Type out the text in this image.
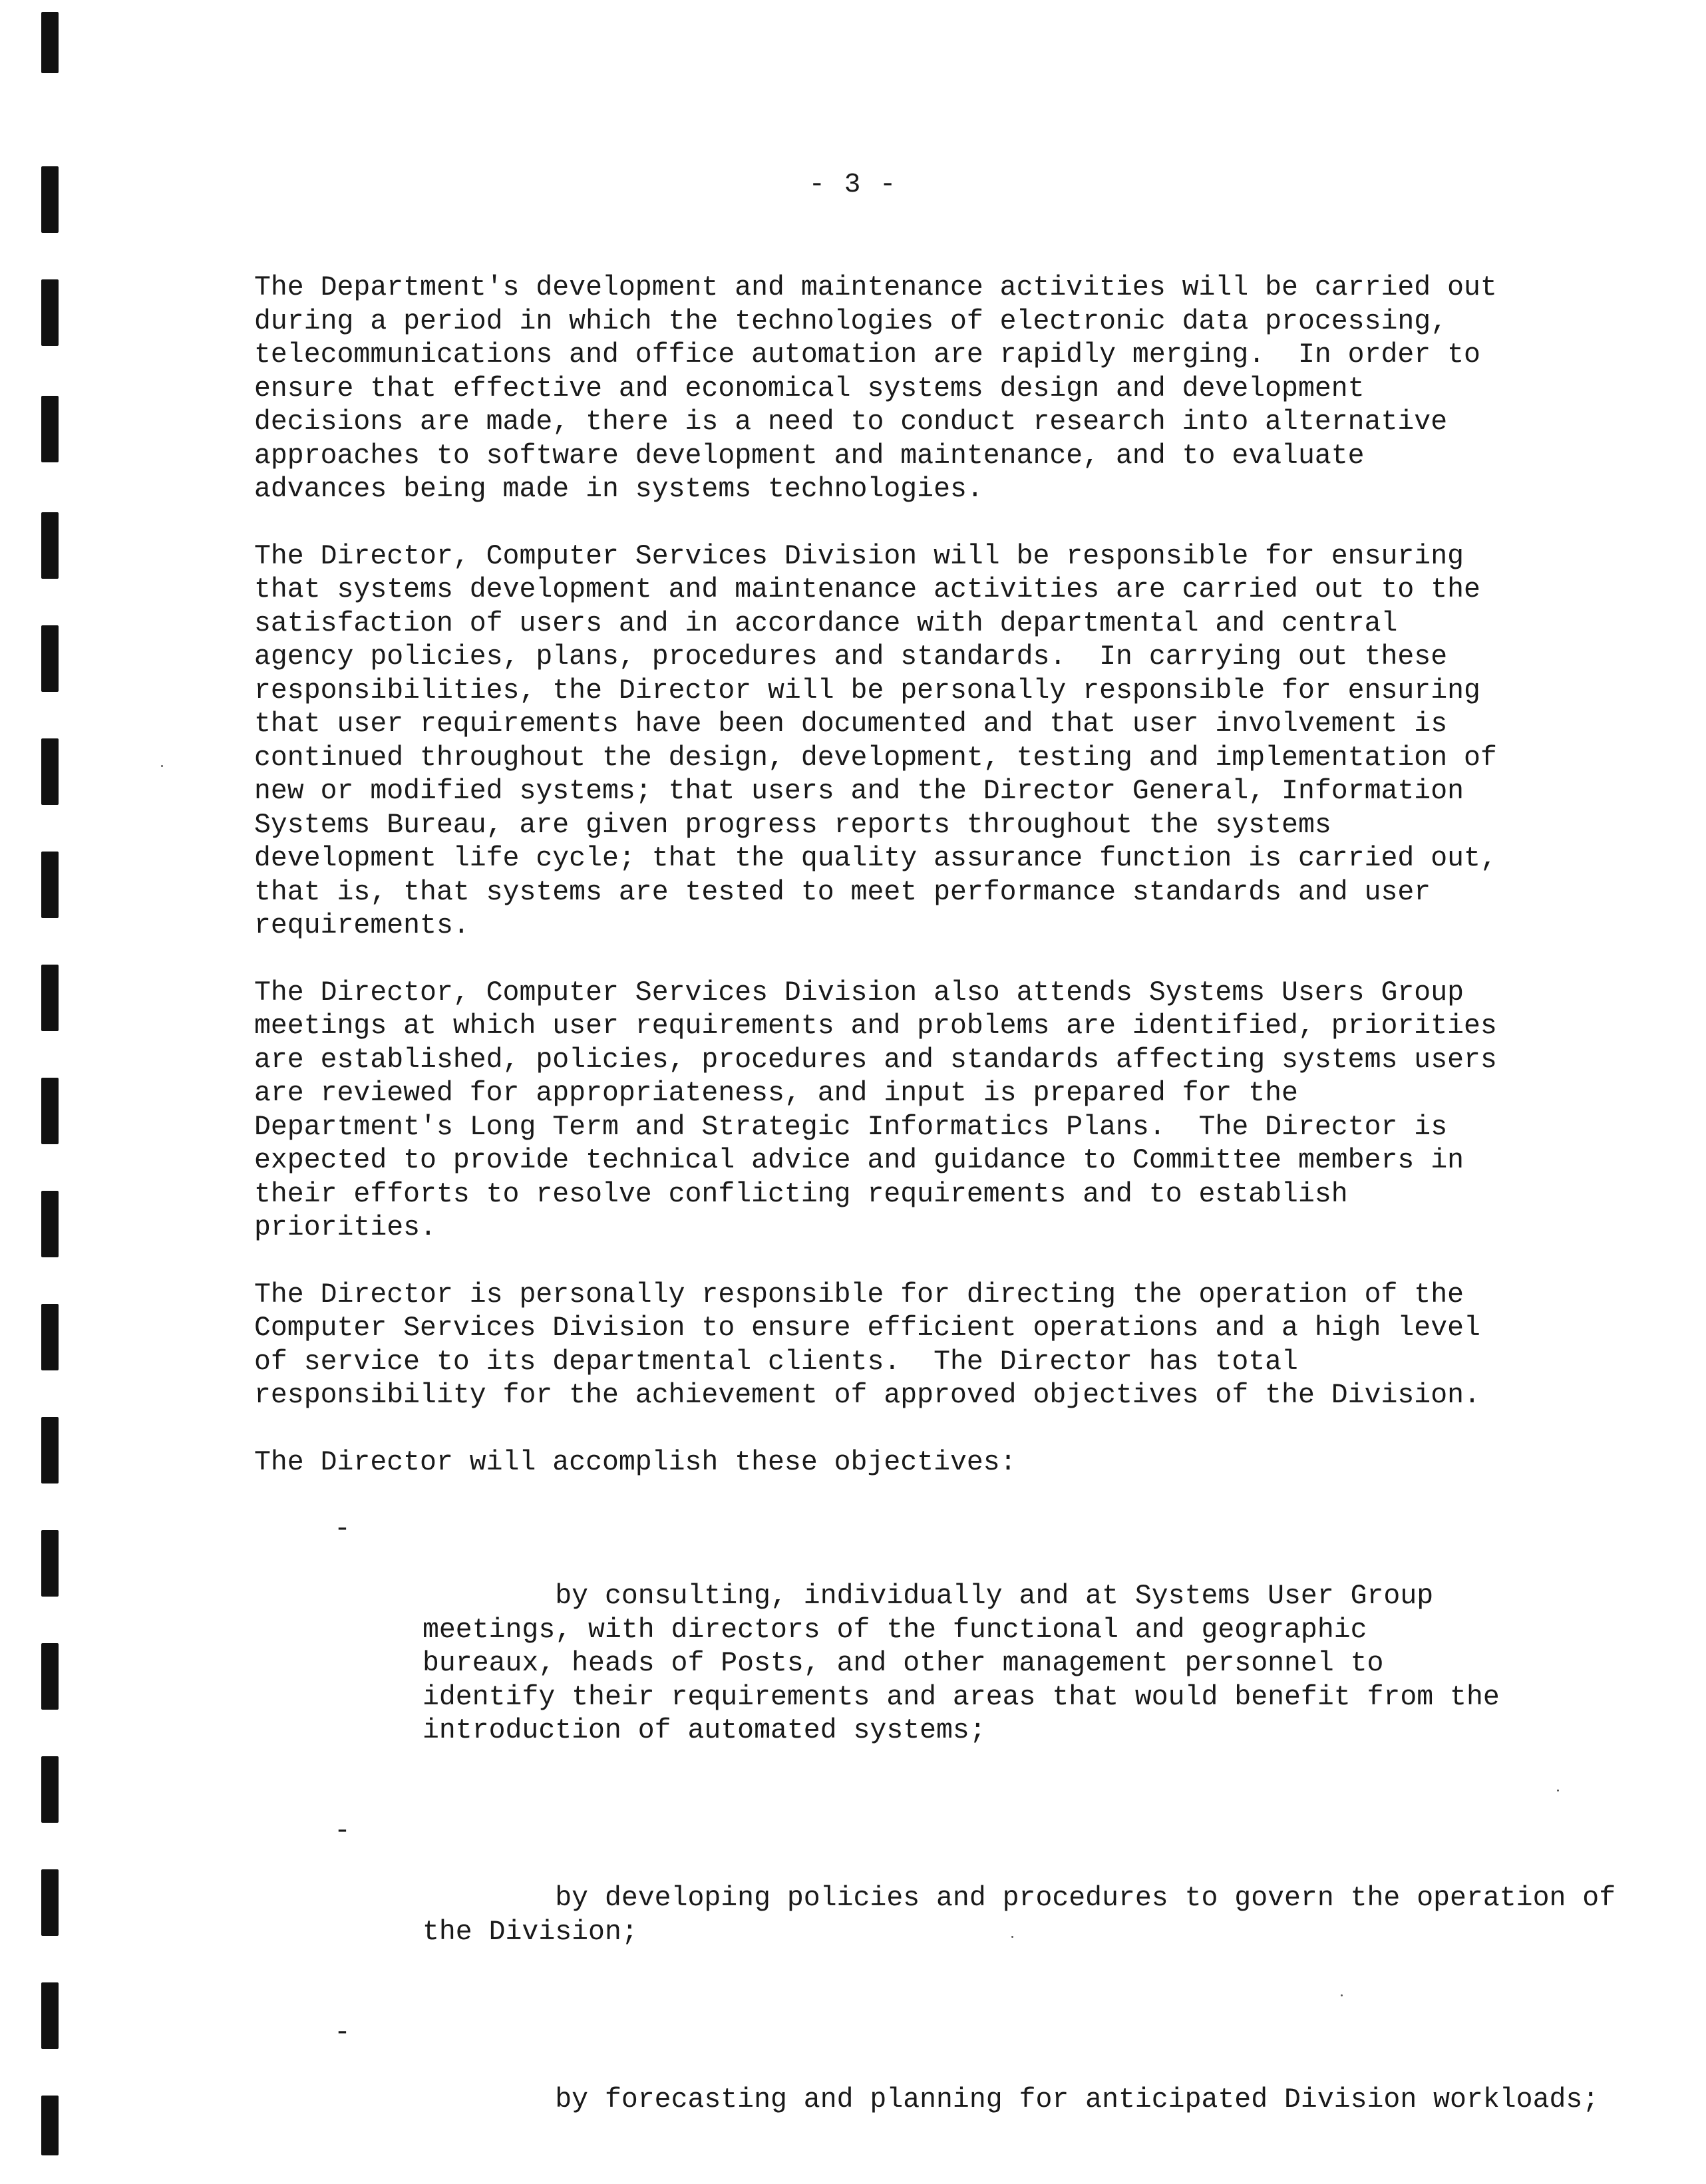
- 3 -

The Department's development and maintenance activities will be carried out
during a period in which the technologies of electronic data processing,
telecommunications and office automation are rapidly merging.  In order to
ensure that effective and economical systems design and development
decisions are made, there is a need to conduct research into alternative
approaches to software development and maintenance, and to evaluate
advances being made in systems technologies.

The Director, Computer Services Division will be responsible for ensuring
that systems development and maintenance activities are carried out to the
satisfaction of users and in accordance with departmental and central
agency policies, plans, procedures and standards.  In carrying out these
responsibilities, the Director will be personally responsible for ensuring
that user requirements have been documented and that user involvement is
continued throughout the design, development, testing and implementation of
new or modified systems; that users and the Director General, Information
Systems Bureau, are given progress reports throughout the systems
development life cycle; that the quality assurance function is carried out,
that is, that systems are tested to meet performance standards and user
requirements.

The Director, Computer Services Division also attends Systems Users Group
meetings at which user requirements and problems are identified, priorities
are established, policies, procedures and standards affecting systems users
are reviewed for appropriateness, and input is prepared for the
Department's Long Term and Strategic Informatics Plans.  The Director is
expected to provide technical advice and guidance to Committee members in
their efforts to resolve conflicting requirements and to establish
priorities.

The Director is personally responsible for directing the operation of the
Computer Services Division to ensure efficient operations and a high level
of service to its departmental clients.  The Director has total
responsibility for the achievement of approved objectives of the Division.

The Director will accomplish these objectives:

-

by consulting, individually and at Systems User Group
meetings, with directors of the functional and geographic
bureaux, heads of Posts, and other management personnel to
identify their requirements and areas that would benefit from the
introduction of automated systems;

-

by developing policies and procedures to govern the operation of
the Division;

-

by forecasting and planning for anticipated Division workloads;
